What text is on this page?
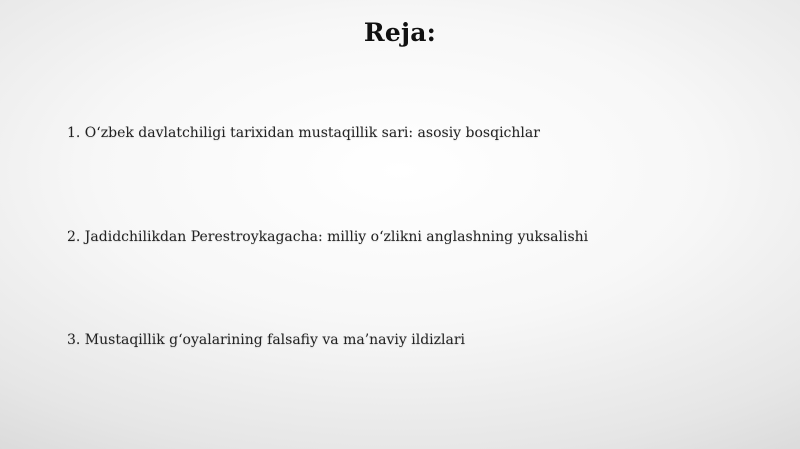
Reja:
1. O‘zbek davlatchiligi tarixidan mustaqillik sari: asosiy bosqichlar
2. Jadidchilikdan Perestroykagacha: milliy o‘zlikni anglashning yuksalishi
3. Mustaqillik g‘oyalarining falsafiy va ma’naviy ildizlari
